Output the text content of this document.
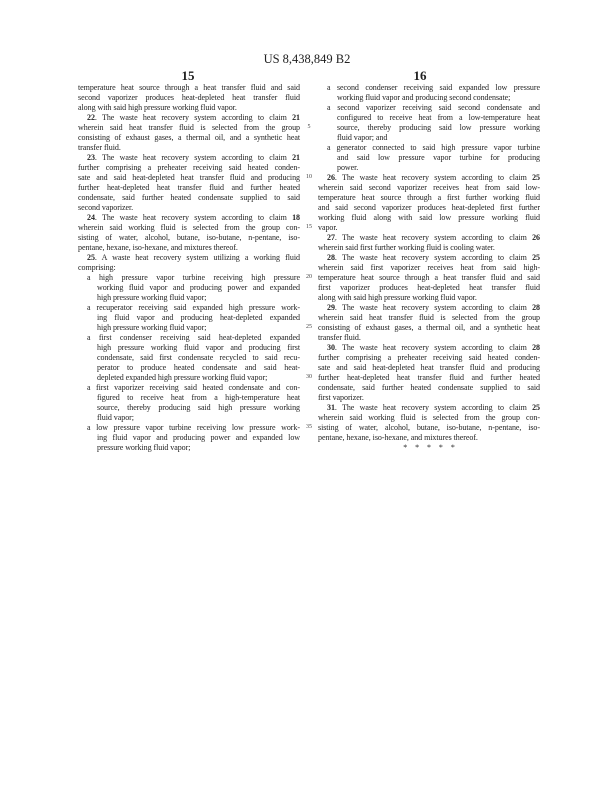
US 8,438,849 B2
15	16
temperature heat source through a heat transfer fluid and said
second vaporizer produces heat-depleted heat transfer fluid
along with said high pressure working fluid vapor.
22. The waste heat recovery system according to claim 21
wherein said heat transfer fluid is selected from the group
consisting of exhaust gases, a thermal oil, and a synthetic heat
transfer fluid.
23. The waste heat recovery system according to claim 21
further comprising a preheater receiving said heated conden-
sate and said heat-depleted heat transfer fluid and producing
further heat-depleted heat transfer fluid and further heated
condensate, said further heated condensate supplied to said
second vaporizer.
24. The waste heat recovery system according to claim 18
wherein said working fluid is selected from the group con-
sisting of water, alcohol, butane, iso-butane, n-pentane, iso-
pentane, hexane, iso-hexane, and mixtures thereof.
25. A waste heat recovery system utilizing a working fluid
comprising:
a high pressure vapor turbine receiving high pressure
working fluid vapor and producing power and expanded
high pressure working fluid vapor;
a recuperator receiving said expanded high pressure work-
ing fluid vapor and producing heat-depleted expanded
high pressure working fluid vapor;
a first condenser receiving said heat-depleted expanded
high pressure working fluid vapor and producing first
condensate, said first condensate recycled to said recu-
perator to produce heated condensate and said heat-
depleted expanded high pressure working fluid vapor;
a first vaporizer receiving said heated condensate and con-
figured to receive heat from a high-temperature heat
source, thereby producing said high pressure working
fluid vapor;
a low pressure vapor turbine receiving low pressure work-
ing fluid vapor and producing power and expanded low
pressure working fluid vapor;
a second condenser receiving said expanded low pressure
working fluid vapor and producing second condensate;
a second vaporizer receiving said second condensate and
configured to receive heat from a low-temperature heat
source, thereby producing said low pressure working
fluid vapor; and
a generator connected to said high pressure vapor turbine
and said low pressure vapor turbine for producing
power.
26. The waste heat recovery system according to claim 25
wherein said second vaporizer receives heat from said low-
temperature heat source through a first further working fluid
and said second vaporizer produces heat-depleted first further
working fluid along with said low pressure working fluid
vapor.
27. The waste heat recovery system according to claim 26
wherein said first further working fluid is cooling water.
28. The waste heat recovery system according to claim 25
wherein said first vaporizer receives heat from said high-
temperature heat source through a heat transfer fluid and said
first vaporizer produces heat-depleted heat transfer fluid
along with said high pressure working fluid vapor.
29. The waste heat recovery system according to claim 28
wherein said heat transfer fluid is selected from the group
consisting of exhaust gases, a thermal oil, and a synthetic heat
transfer fluid.
30. The waste heat recovery system according to claim 28
further comprising a preheater receiving said heated conden-
sate and said heat-depleted heat transfer fluid and producing
further heat-depleted heat transfer fluid and further heated
condensate, said further heated condensate supplied to said
first vaporizer.
31. The waste heat recovery system according to claim 25
wherein said working fluid is selected from the group con-
sisting of water, alcohol, butane, iso-butane, n-pentane, iso-
pentane, hexane, iso-hexane, and mixtures thereof.
* * * * *
5
10
15
20
25
30
35
